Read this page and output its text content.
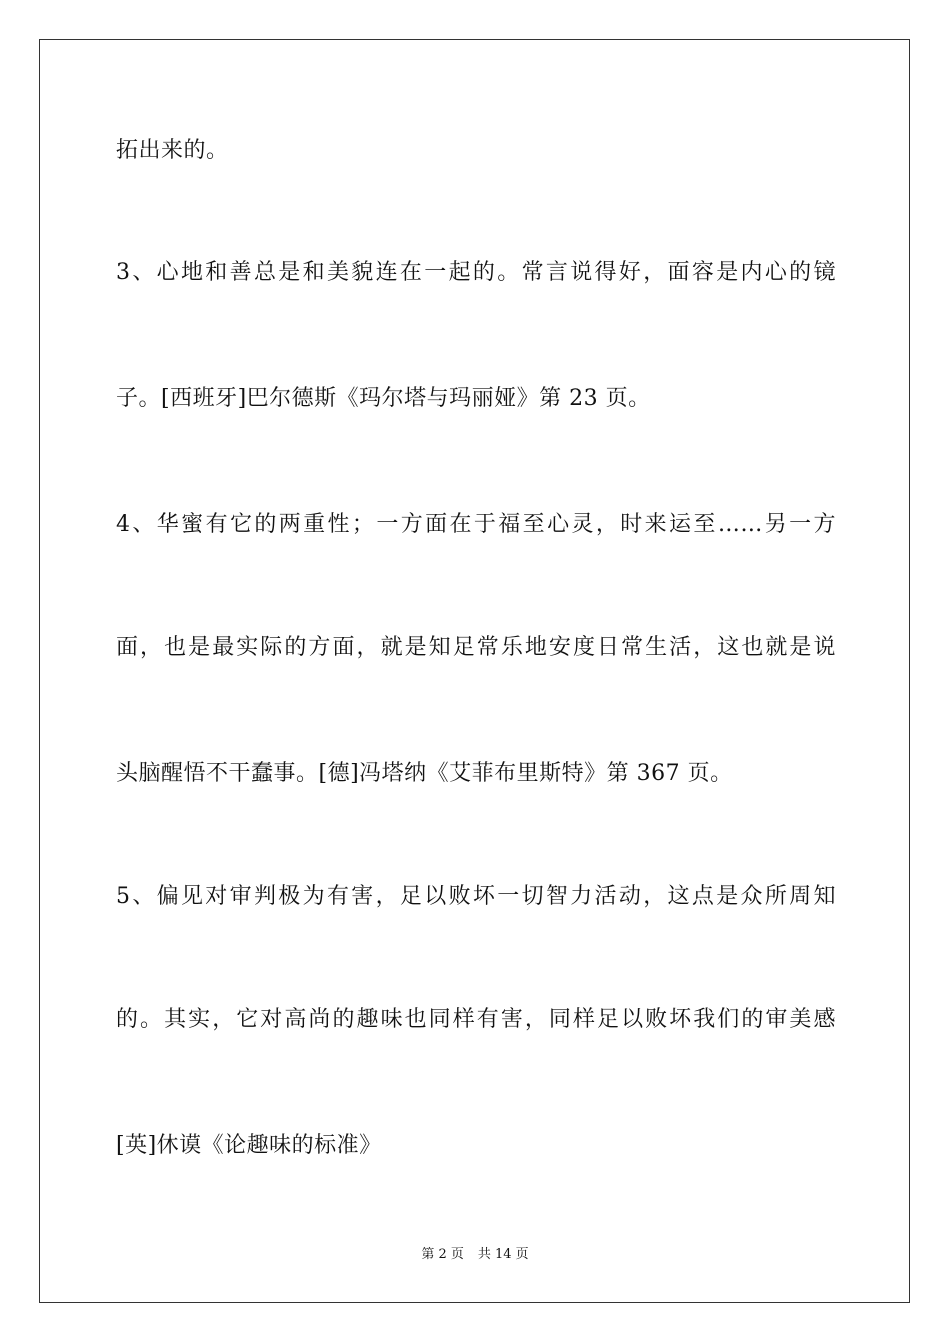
拓出来的。
3、心地和善总是和美貌连在一起的。常言说得好，面容是内心的镜
子。[西班牙]巴尔德斯《玛尔塔与玛丽娅》第 23 页。
4、华蜜有它的两重性；一方面在于福至心灵，时来运至……另一方
面，也是最实际的方面，就是知足常乐地安度日常生活，这也就是说
头脑醒悟不干蠢事。[德]冯塔纳《艾菲布里斯特》第 367 页。
5、偏见对审判极为有害，足以败坏一切智力活动，这点是众所周知
的。其实，它对高尚的趣味也同样有害，同样足以败坏我们的审美感
[英]休谟《论趣味的标准》
第 2 页 共 14 页
